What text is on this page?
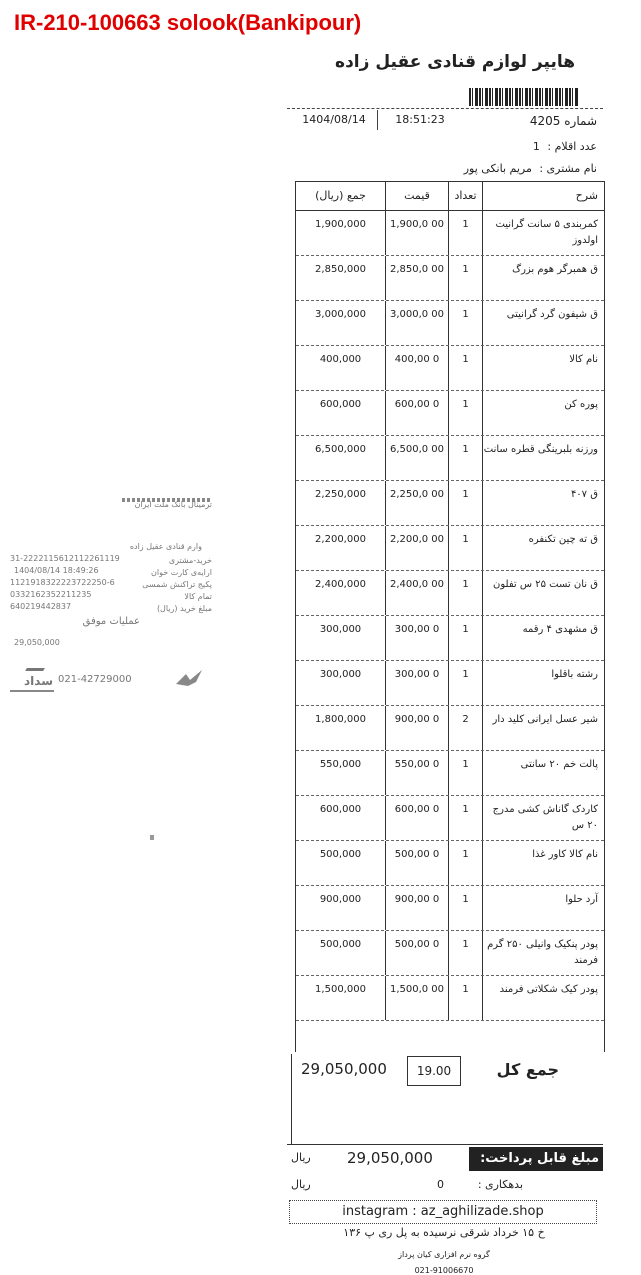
IR-210-100663 solook(Bankipour)
هایپر لوازم قنادی عقیل زاده
شماره 4205
18:51:23
1404/08/14
عدد اقلام : 1
نام مشتری : مریم بانکی پور
شرح
تعداد
قیمت
جمع (ریال)
کمربندی ۵ سانت گرانیت اولدوز
1
1,900,0 00
1,900,000
ق همبرگر هوم بزرگ
1
2,850,0 00
2,850,000
ق شیفون گرد گرانیتی
1
3,000,0 00
3,000,000
نام کالا
1
400,00 0
400,000
پوره کن
1
600,00 0
600,000
ورزنه بلبرینگی قطره سانت
1
6,500,0 00
6,500,000
ق ۴۰۷
1
2,250,0 00
2,250,000
ق ته چین تکنفره
1
2,200,0 00
2,200,000
ق نان تست ۲۵ س تفلون
1
2,400,0 00
2,400,000
ق مشهدی ۴ رقمه
1
300,00 0
300,000
رشته باقلوا
1
300,00 0
300,000
شیر عسل ایرانی کلید دار
2
900,00 0
1,800,000
پالت خم ۲۰ سانتی
1
550,00 0
550,000
کاردک گاناش کشی مدرج ۲۰ س
1
600,00 0
600,000
نام کالا کاور غذا
1
500,00 0
500,000
آرد حلوا
1
900,00 0
900,000
پودر پنکیک وانیلی ۲۵۰ گرم فرمند
1
500,00 0
500,000
پودر کیک شکلاتی فرمند
1
1,500,0 00
1,500,000
جمع کل
19.00
29,050,000
مبلغ قابل پرداخت:
29,050,000
ریال
بدهکاری :
0
ریال
instagram : az_aghilizade.shop
خ ۱۵ خرداد شرقی نرسیده به پل ری پ ۱۳۶
گروه نرم افزاری کیان پرداز
021-91006670
ترمینال بانک ملت ایران
وارم قنادی عقیل زاده
خرید-مشتری
ارایه‌ی کارت خوان
پکیج تراکنش شمسی
تمام کالا
مبلغ خرید (ریال)
عملیات موفق
31-2222115612112261119
1404/08/14 18:49:26
1121918322223722250-6
0332162352211235
640219442837
29,050,000
سداد 021-42729000
